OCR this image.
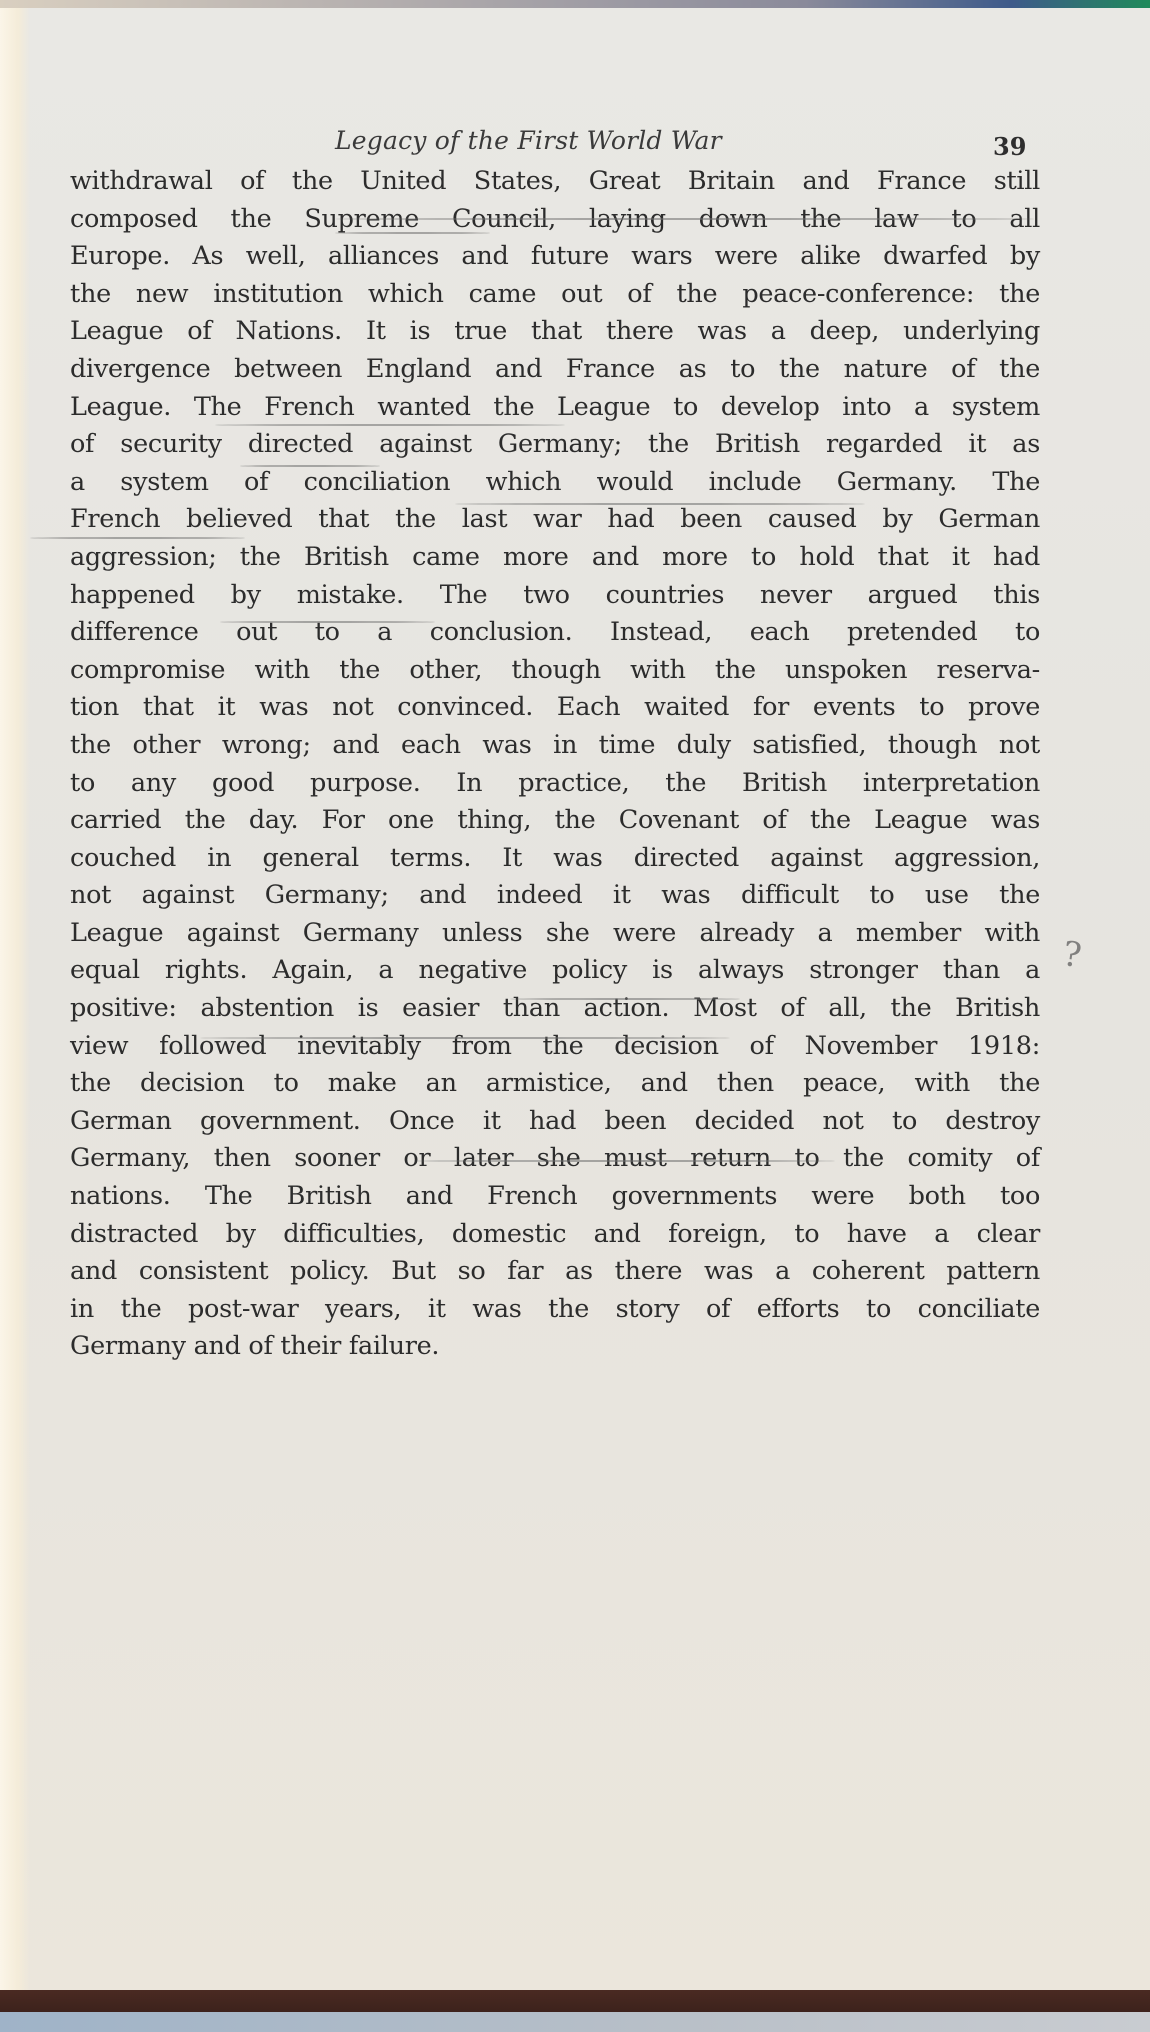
Legacy of the First World War	39
withdrawal of the United States, Great Britain and France still
composed the Supreme Council, laying down the law to all
Europe. As well, alliances and future wars were alike dwarfed by
the new institution which came out of the peace-conference: the
League of Nations. It is true that there was a deep, underlying
divergence between England and France as to the nature of the
League. The French wanted the League to develop into a system
of security directed against Germany; the British regarded it as
a system of conciliation which would include Germany. The
French believed that the last war had been caused by German
aggression; the British came more and more to hold that it had
happened by mistake. The two countries never argued this
difference out to a conclusion. Instead, each pretended to
compromise with the other, though with the unspoken reserva-
tion that it was not convinced. Each waited for events to prove
the other wrong; and each was in time duly satisfied, though not
to any good purpose. In practice, the British interpretation
carried the day. For one thing, the Covenant of the League was
couched in general terms. It was directed against aggression,
not against Germany; and indeed it was difficult to use the
League against Germany unless she were already a member with
equal rights. Again, a negative policy is always stronger than a
positive: abstention is easier than action. Most of all, the British
view followed inevitably from the decision of November 1918:
the decision to make an armistice, and then peace, with the
German government. Once it had been decided not to destroy
Germany, then sooner or later she must return to the comity of
nations. The British and French governments were both too
distracted by difficulties, domestic and foreign, to have a clear
and consistent policy. But so far as there was a coherent pattern
in the post-war years, it was the story of efforts to conciliate
Germany and of their failure.
?
